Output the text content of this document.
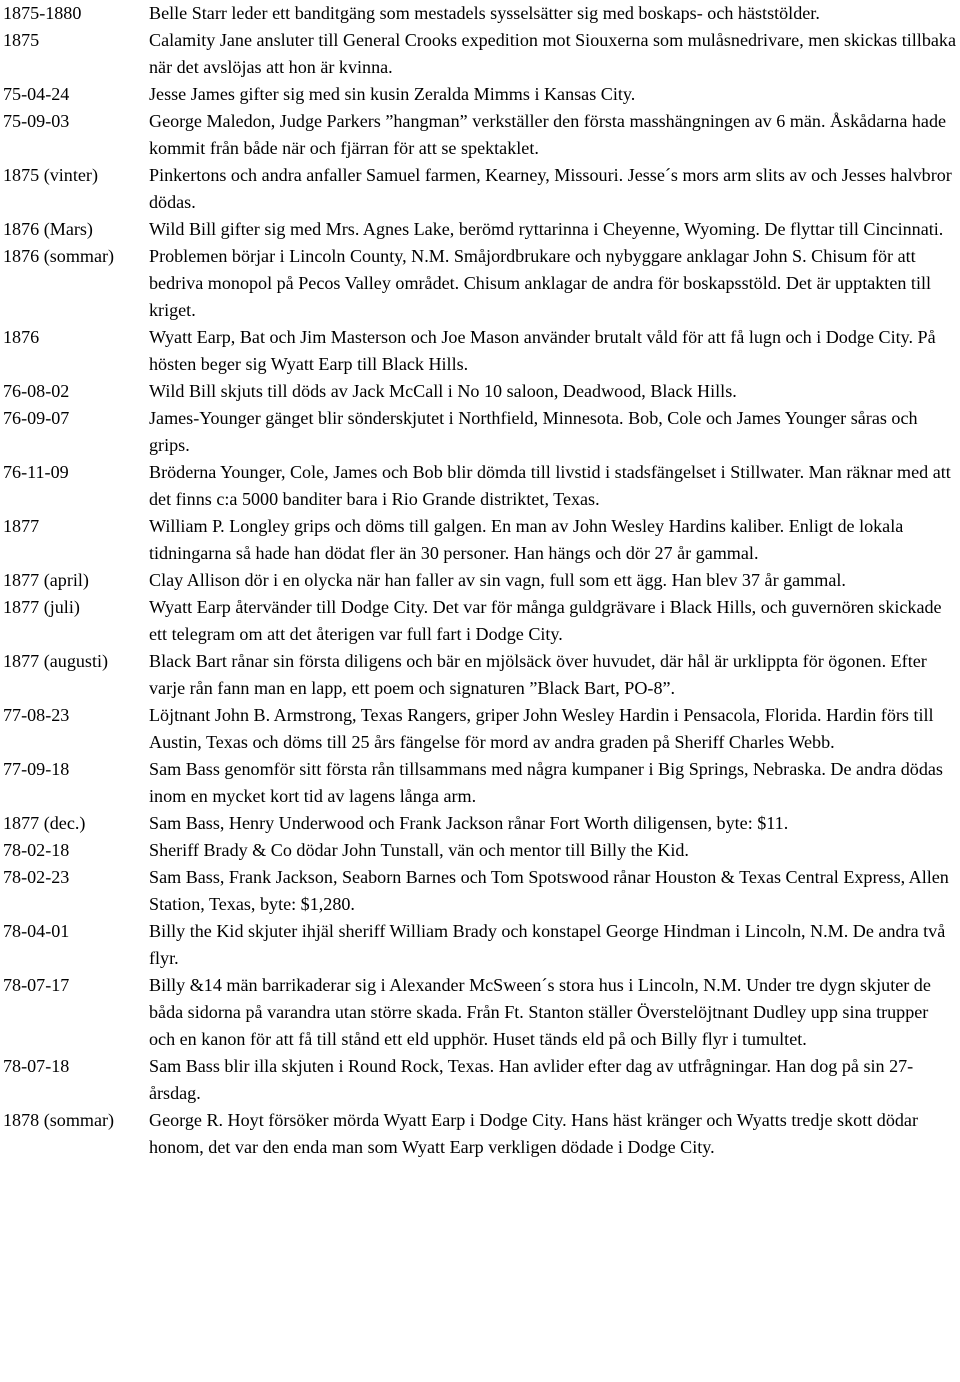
1875-1880	Belle Starr leder ett banditgäng som mestadels sysselsätter sig med boskaps- och häststölder.

1875	Calamity Jane ansluter till General Crooks expedition mot Siouxerna som mulåsnedrivare, men skickas tillbaka när det avslöjas att hon är kvinna.

75-04-24	Jesse James gifter sig med sin kusin Zeralda Mimms i Kansas City.

75-09-03	George Maledon, Judge Parkers ”hangman” verkställer den första masshängningen av 6 män. Åskådarna hade kommit från både när och fjärran för att se spektaklet.

1875 (vinter)	Pinkertons och andra anfaller Samuel farmen, Kearney, Missouri. Jesse´s mors arm slits av och Jesses halvbror dödas.

1876 (Mars)	Wild Bill gifter sig med Mrs. Agnes Lake, berömd ryttarinna i Cheyenne, Wyoming. De flyttar till Cincinnati.

1876 (sommar)	Problemen börjar i Lincoln County, N.M. Småjordbrukare och nybyggare anklagar John S. Chisum för att bedriva monopol på Pecos Valley området. Chisum anklagar de andra för boskapsstöld. Det är upptakten till kriget.

1876	Wyatt Earp, Bat och Jim Masterson och Joe Mason använder brutalt våld för att få lugn och i Dodge City. På hösten beger sig Wyatt Earp till Black Hills.

76-08-02	Wild Bill skjuts till döds av Jack McCall i No 10 saloon, Deadwood, Black Hills.

76-09-07	James-Younger gänget blir sönderskjutet i Northfield, Minnesota. Bob, Cole och James Younger såras och grips.

76-11-09	Bröderna Younger, Cole, James och Bob blir dömda till livstid i stadsfängelset i Stillwater. Man räknar med att det finns c:a 5000 banditer bara i Rio Grande distriktet, Texas.

1877	William P. Longley grips och döms till galgen. En man av John Wesley Hardins kaliber. Enligt de lokala tidningarna så hade han dödat fler än 30 personer. Han hängs och dör 27 år gammal.

1877 (april)	Clay Allison dör i en olycka när han faller av sin vagn, full som ett ägg. Han blev 37 år gammal.

1877 (juli)	Wyatt Earp återvänder till Dodge City. Det var för många guldgrävare i Black Hills, och guvernören skickade ett telegram om att det återigen var full fart i Dodge City.

1877 (augusti)	Black Bart rånar sin första diligens och bär en mjölsäck över huvudet, där hål är urklippta för ögonen. Efter varje rån fann man en lapp, ett poem och signaturen ”Black Bart, PO-8”.

77-08-23	Löjtnant John B. Armstrong, Texas Rangers, griper John Wesley Hardin i Pensacola, Florida. Hardin förs till Austin, Texas och döms till 25 års fängelse för mord av andra graden på Sheriff Charles Webb.

77-09-18	Sam Bass genomför sitt första rån tillsammans med några kumpaner i Big Springs, Nebraska. De andra dödas inom en mycket kort tid av lagens långa arm.

1877 (dec.)	Sam Bass, Henry Underwood och Frank Jackson rånar Fort Worth diligensen, byte: $11.

78-02-18	Sheriff Brady & Co dödar John Tunstall, vän och mentor till Billy the Kid.

78-02-23	Sam Bass, Frank Jackson, Seaborn Barnes och Tom Spotswood rånar Houston & Texas Central Express, Allen Station, Texas, byte: $1,280.

78-04-01	Billy the Kid skjuter ihjäl sheriff William Brady och konstapel George Hindman i Lincoln, N.M. De andra två flyr.

78-07-17	Billy &14 män barrikaderar sig i Alexander McSween´s stora hus i Lincoln, N.M. Under tre dygn skjuter de båda sidorna på varandra utan större skada. Från Ft. Stanton ställer Överstelöjtnant Dudley upp sina trupper och en kanon för att få till stånd ett eld upphör. Huset tänds eld på och Billy flyr i tumultet.

78-07-18	Sam Bass blir illa skjuten i Round Rock, Texas. Han avlider efter dag av utfrågningar. Han dog på sin 27-årsdag.

1878 (sommar)	George R. Hoyt försöker mörda Wyatt Earp i Dodge City. Hans häst kränger och Wyatts tredje skott dödar honom, det var den enda man som Wyatt Earp verkligen dödade i Dodge City.
